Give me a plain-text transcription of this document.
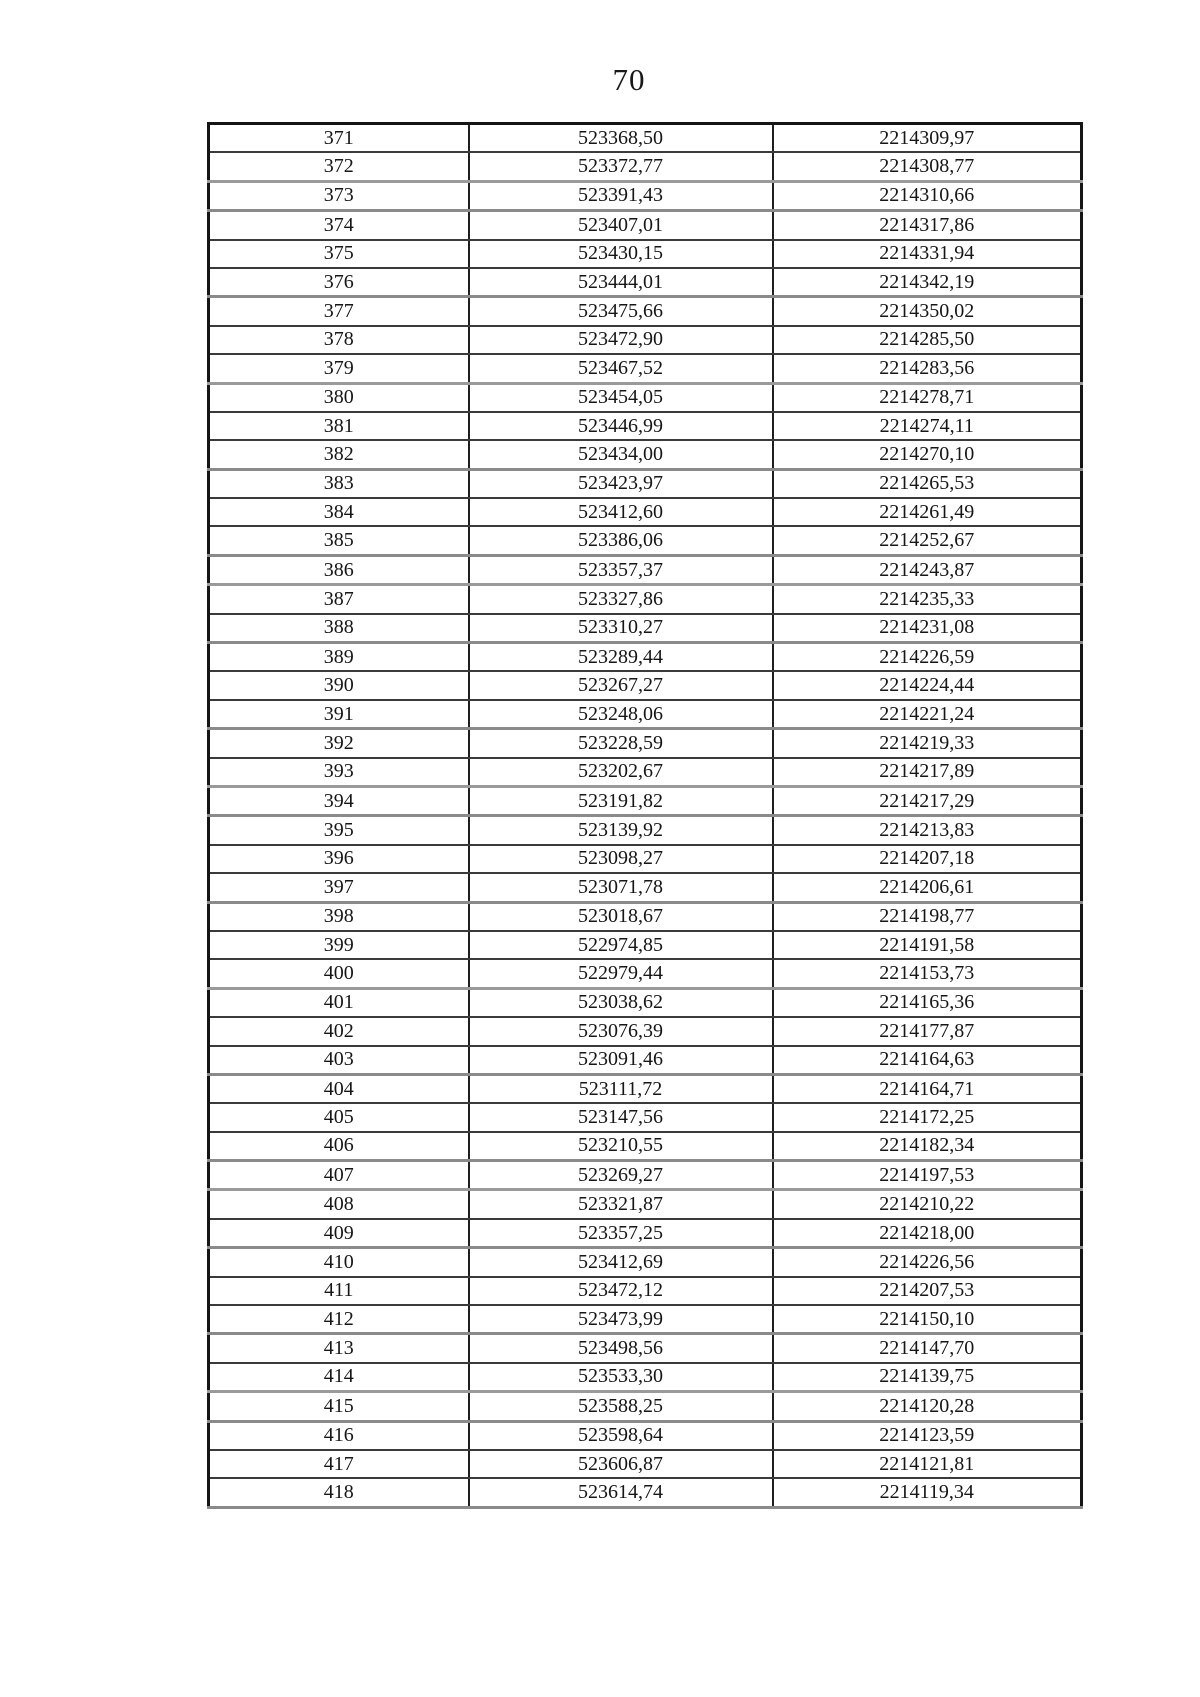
70
371	523368,50	2214309,97
372	523372,77	2214308,77
373	523391,43	2214310,66
374	523407,01	2214317,86
375	523430,15	2214331,94
376	523444,01	2214342,19
377	523475,66	2214350,02
378	523472,90	2214285,50
379	523467,52	2214283,56
380	523454,05	2214278,71
381	523446,99	2214274,11
382	523434,00	2214270,10
383	523423,97	2214265,53
384	523412,60	2214261,49
385	523386,06	2214252,67
386	523357,37	2214243,87
387	523327,86	2214235,33
388	523310,27	2214231,08
389	523289,44	2214226,59
390	523267,27	2214224,44
391	523248,06	2214221,24
392	523228,59	2214219,33
393	523202,67	2214217,89
394	523191,82	2214217,29
395	523139,92	2214213,83
396	523098,27	2214207,18
397	523071,78	2214206,61
398	523018,67	2214198,77
399	522974,85	2214191,58
400	522979,44	2214153,73
401	523038,62	2214165,36
402	523076,39	2214177,87
403	523091,46	2214164,63
404	523111,72	2214164,71
405	523147,56	2214172,25
406	523210,55	2214182,34
407	523269,27	2214197,53
408	523321,87	2214210,22
409	523357,25	2214218,00
410	523412,69	2214226,56
411	523472,12	2214207,53
412	523473,99	2214150,10
413	523498,56	2214147,70
414	523533,30	2214139,75
415	523588,25	2214120,28
416	523598,64	2214123,59
417	523606,87	2214121,81
418	523614,74	2214119,34
